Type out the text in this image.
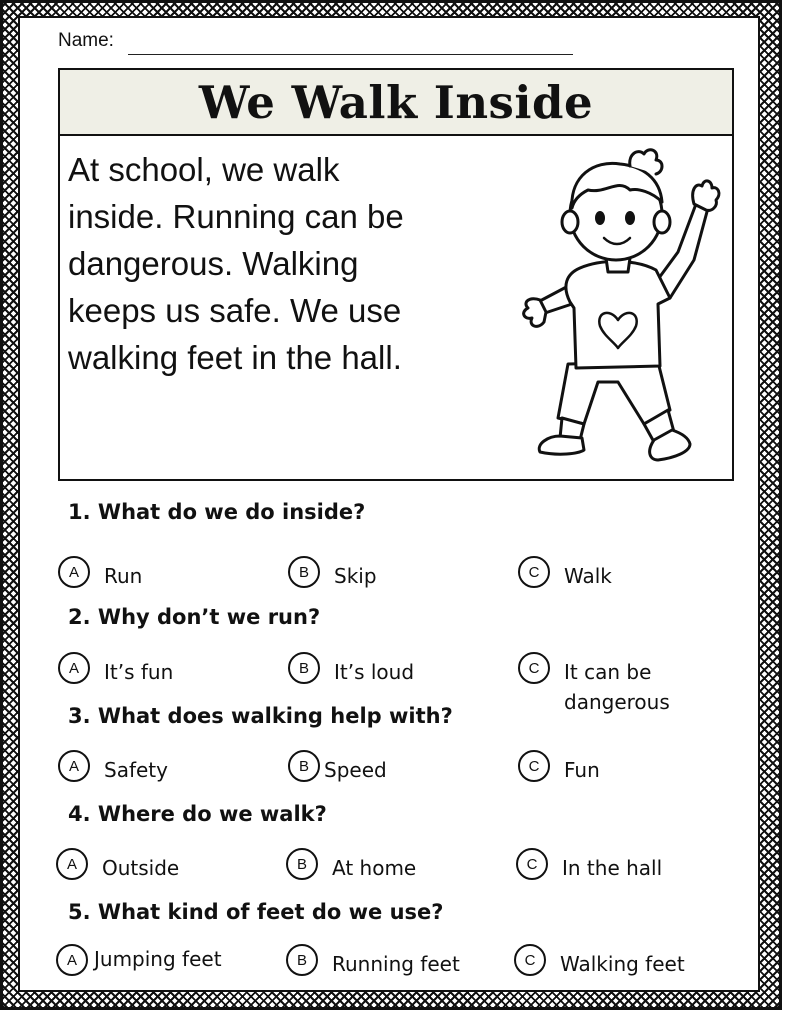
Name:
We Walk Inside
At school, we walk
inside. Running can be
dangerous. Walking
keeps us safe. We use
walking feet in the hall.
1. What do we do inside?
A	Run	B	Skip	C	Walk
2. Why don’t we run?
A	It’s fun	B	It’s loud	C	It can be
dangerous
3. What does walking help with?
A	Safety	B Speed	C	Fun
4. Where do we walk?
A	Outside	B	At home	C	In the hall
5. What kind of feet do we use?
A Jumping feet	B	Running feet	C	Walking feet
